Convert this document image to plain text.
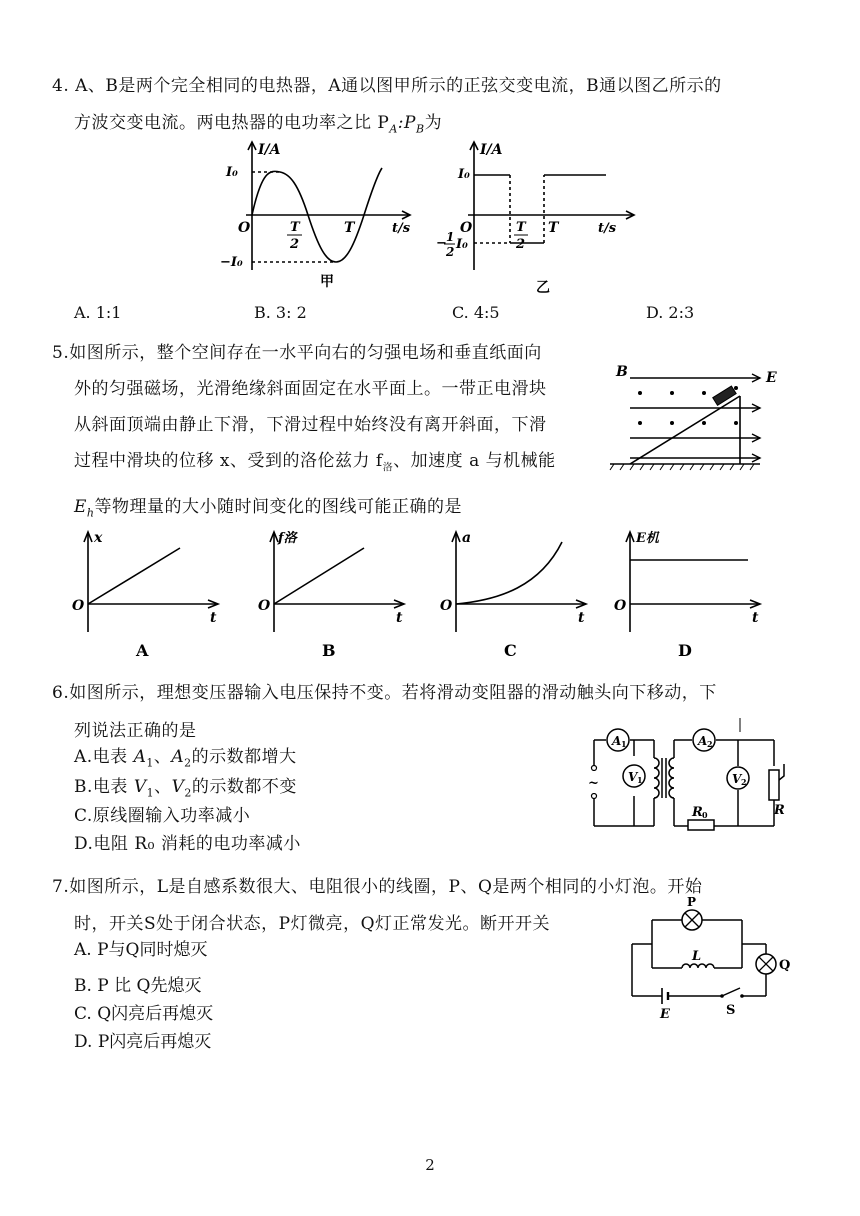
4. A、B是两个完全相同的电热器，A通以图甲所示的正弦交变电流，B通以图乙所示的
方波交变电流。两电热器的电功率之比 $P_A:P_B$为
I/A
I₀
−I₀
O	T
2
T	t/s
甲
I/A
I₀
O
− 1
2 I₀
T
2
T	t/s
乙
A. 1:1	B. 3: 2	C. 4:5	D. 2:3
5.如图所示，整个空间存在一水平向右的匀强电场和垂直纸面向
外的匀强磁场，光滑绝缘斜面固定在水平面上。一带正电滑块
从斜面顶端由静止下滑，下滑过程中始终没有离开斜面，下滑
过程中滑块的位移 x、受到的洛伦兹力 $f_洛$、加速度 a 与机械能
$E_h$等物理量的大小随时间变化的图线可能正确的是
B	E
x
O
t
A
f洛
O
t
B
a
O
t
C
E机
O
t
D
6.如图所示，理想变压器输入电压保持不变。若将滑动变阻器的滑动触头向下移动，下
列说法正确的是
A.电表 $A_1$、$A_2$的示数都增大
B.电表 $V_1$、$V_2$的示数都不变
C.原线圈输入功率减小
D.电阻 R₀ 消耗的电功率减小
A 1
V 1
A 2
V 2
R
R 0
~
7.如图所示，L是自感系数很大、电阻很小的线圈，P、Q是两个相同的小灯泡。开始
时，开关S处于闭合状态，P灯微亮，Q灯正常发光。断开开关
A. P与Q同时熄灭
B. P 比 Q先熄灭
C. Q闪亮后再熄灭
D. P闪亮后再熄灭
P
L
Q
E	S
2
